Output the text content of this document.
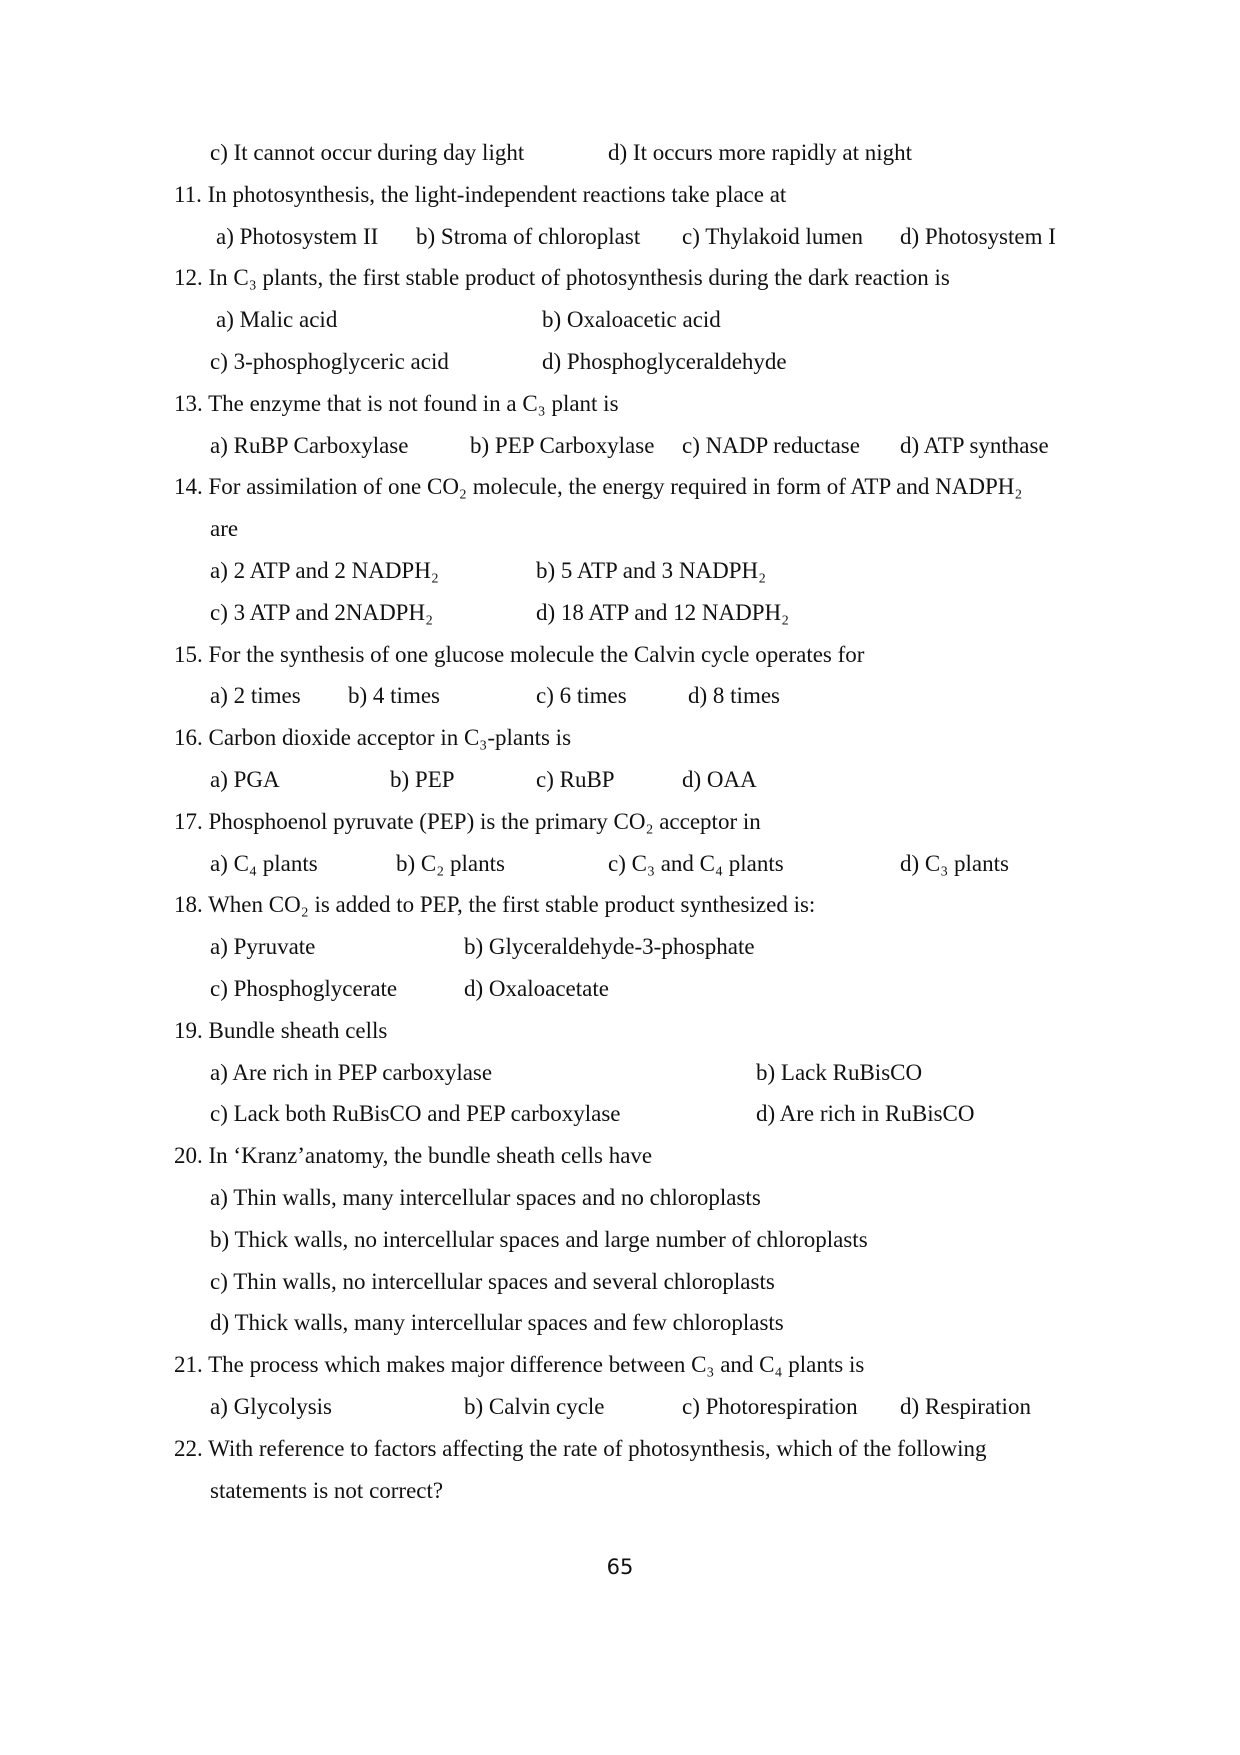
c) It cannot occur during day light	d) It occurs more rapidly at night
11. In photosynthesis, the light-independent reactions take place at
a) Photosystem II b) Stroma of chloroplast c) Thylakoid lumen d) Photosystem I
12. In C₃ plants, the first stable product of photosynthesis during the dark reaction is
a) Malic acid	b) Oxaloacetic acid
c) 3-phosphoglyceric acid	d) Phosphoglyceraldehyde
13. The enzyme that is not found in a C₃ plant is
a) RuBP Carboxylase	b) PEP Carboxylase c) NADP reductase d) ATP synthase
14. For assimilation of one CO₂ molecule, the energy required in form of ATP and NADPH₂
are
a) 2 ATP and 2 NADPH₂	b) 5 ATP and 3 NADPH₂
c) 3 ATP and 2NADPH₂	d) 18 ATP and 12 NADPH₂
15. For the synthesis of one glucose molecule the Calvin cycle operates for
a) 2 times b) 4 times	c) 6 times	d) 8 times
16. Carbon dioxide acceptor in C₃-plants is
a) PGA	b) PEP	c) RuBP	d) OAA
17. Phosphoenol pyruvate (PEP) is the primary CO₂ acceptor in
a) C₄ plants	b) C₂ plants	c) C₃ and C₄ plants	d) C₃ plants
18. When CO₂ is added to PEP, the first stable product synthesized is:
a) Pyruvate	b) Glyceraldehyde-3-phosphate
c) Phosphoglycerate	d) Oxaloacetate
19. Bundle sheath cells
a) Are rich in PEP carboxylase	b) Lack RuBisCO
c) Lack both RuBisCO and PEP carboxylase	d) Are rich in RuBisCO
20. In ‘Kranz’anatomy, the bundle sheath cells have
a) Thin walls, many intercellular spaces and no chloroplasts
b) Thick walls, no intercellular spaces and large number of chloroplasts
c) Thin walls, no intercellular spaces and several chloroplasts
d) Thick walls, many intercellular spaces and few chloroplasts
21. The process which makes major difference between C₃ and C₄ plants is
a) Glycolysis	b) Calvin cycle	c) Photorespiration d) Respiration
22. With reference to factors affecting the rate of photosynthesis, which of the following
statements is not correct?
65
